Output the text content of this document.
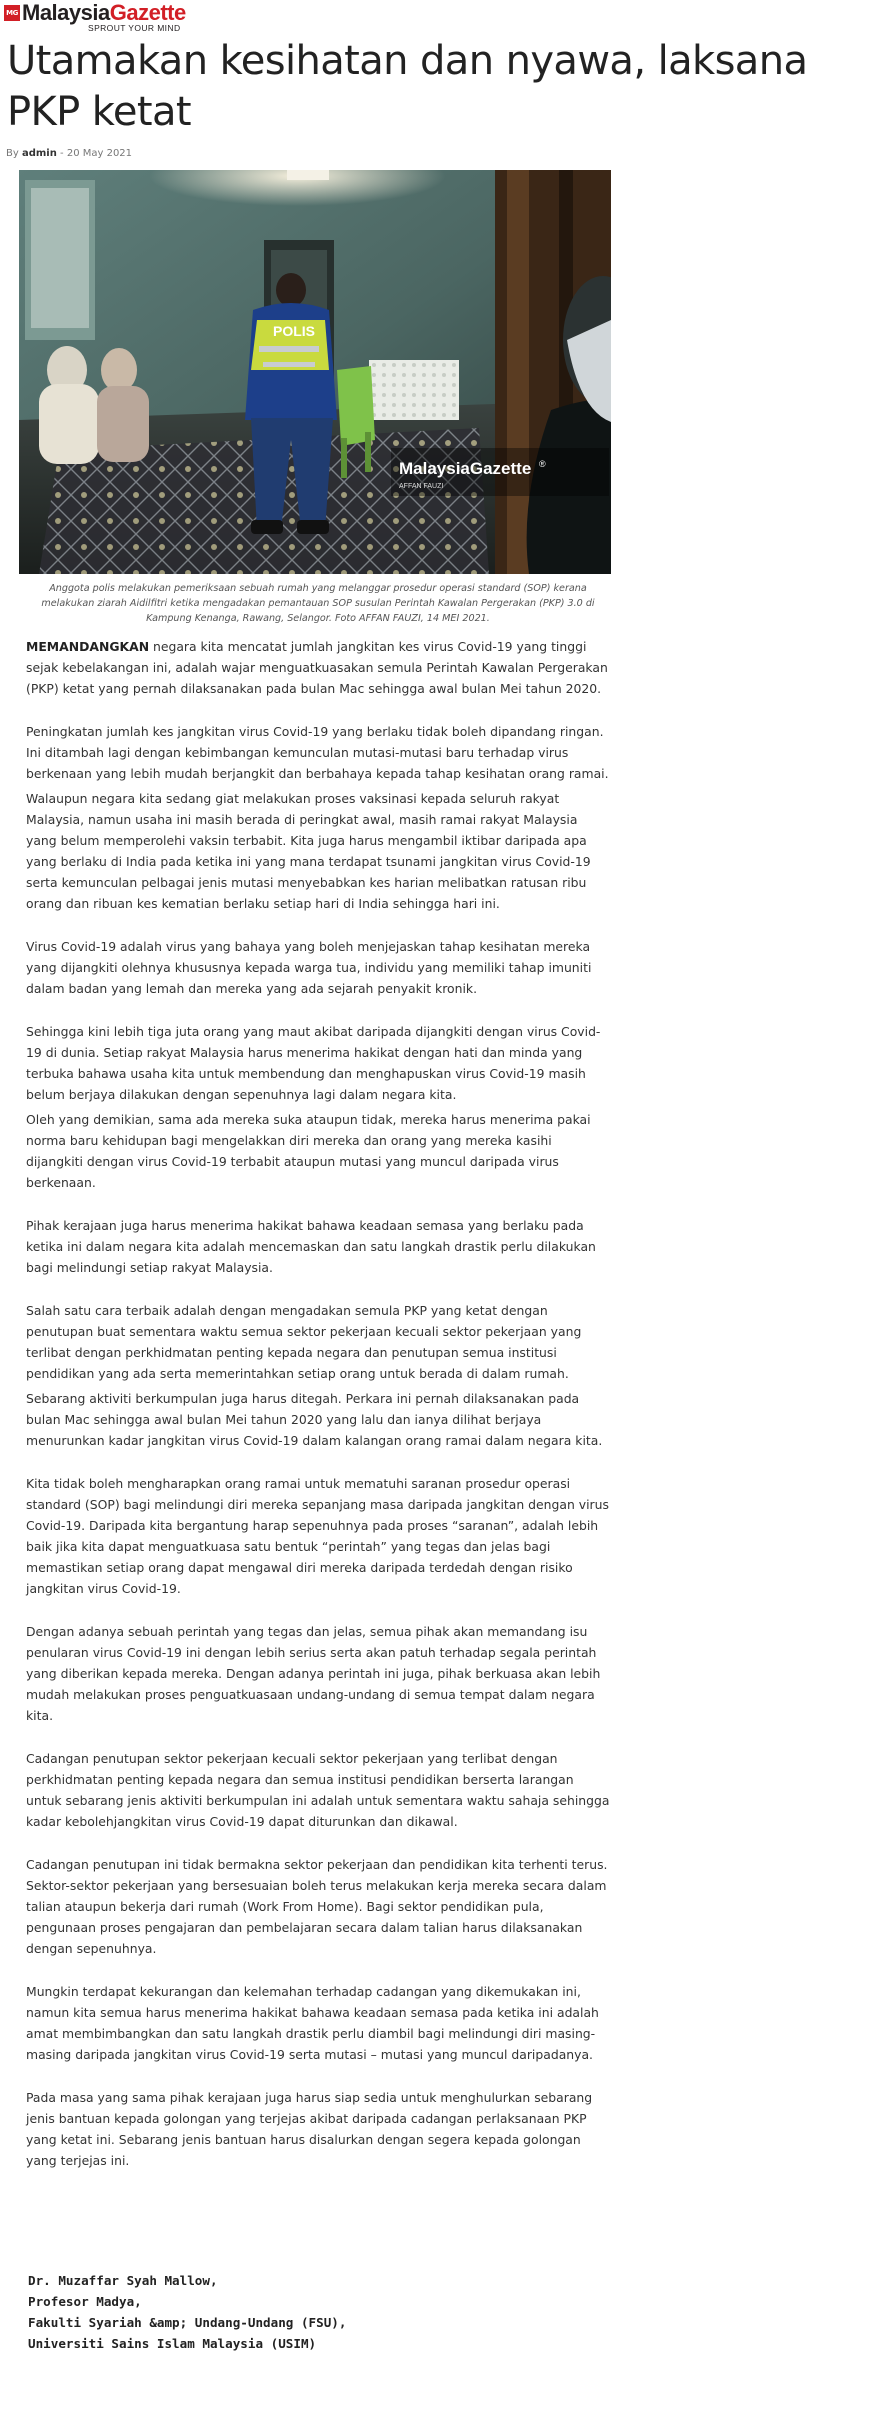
MG MalaysiaGazette
SPROUT YOUR MIND
Utamakan kesihatan dan nyawa, laksana PKP ketat
By admin - 20 May 2021
POLIS
MalaysiaGazette ®
AFFAN FAUZI

Anggota polis melakukan pemeriksaan sebuah rumah yang melanggar prosedur operasi standard (SOP) kerana melakukan ziarah Aidilfitri ketika mengadakan pemantauan SOP susulan Perintah Kawalan Pergerakan (PKP) 3.0 di Kampung Kenanga, Rawang, Selangor. Foto AFFAN FAUZI, 14 MEI 2021.

MEMANDANGKAN negara kita mencatat jumlah jangkitan kes virus Covid-19 yang tinggi sejak kebelakangan ini, adalah wajar menguatkuasakan semula Perintah Kawalan Pergerakan (PKP) ketat yang pernah dilaksanakan pada bulan Mac sehingga awal bulan Mei tahun 2020.

Peningkatan jumlah kes jangkitan virus Covid-19 yang berlaku tidak boleh dipandang ringan. Ini ditambah lagi dengan kebimbangan kemunculan mutasi-mutasi baru terhadap virus berkenaan yang lebih mudah berjangkit dan berbahaya kepada tahap kesihatan orang ramai.

Walaupun negara kita sedang giat melakukan proses vaksinasi kepada seluruh rakyat Malaysia, namun usaha ini masih berada di peringkat awal, masih ramai rakyat Malaysia yang belum memperolehi vaksin terbabit. Kita juga harus mengambil iktibar daripada apa yang berlaku di India pada ketika ini yang mana terdapat tsunami jangkitan virus Covid-19 serta kemunculan pelbagai jenis mutasi menyebabkan kes harian melibatkan ratusan ribu orang dan ribuan kes kematian berlaku setiap hari di India sehingga hari ini.

Virus Covid-19 adalah virus yang bahaya yang boleh menjejaskan tahap kesihatan mereka yang dijangkiti olehnya khususnya kepada warga tua, individu yang memiliki tahap imuniti dalam badan yang lemah dan mereka yang ada sejarah penyakit kronik.

Sehingga kini lebih tiga juta orang yang maut akibat daripada dijangkiti dengan virus Covid-19 di dunia. Setiap rakyat Malaysia harus menerima hakikat dengan hati dan minda yang terbuka bahawa usaha kita untuk membendung dan menghapuskan virus Covid-19 masih belum berjaya dilakukan dengan sepenuhnya lagi dalam negara kita.

Oleh yang demikian, sama ada mereka suka ataupun tidak, mereka harus menerima pakai norma baru kehidupan bagi mengelakkan diri mereka dan orang yang mereka kasihi dijangkiti dengan virus Covid-19 terbabit ataupun mutasi yang muncul daripada virus berkenaan.

Pihak kerajaan juga harus menerima hakikat bahawa keadaan semasa yang berlaku pada ketika ini dalam negara kita adalah mencemaskan dan satu langkah drastik perlu dilakukan bagi melindungi setiap rakyat Malaysia.

Salah satu cara terbaik adalah dengan mengadakan semula PKP yang ketat dengan penutupan buat sementara waktu semua sektor pekerjaan kecuali sektor pekerjaan yang terlibat dengan perkhidmatan penting kepada negara dan penutupan semua institusi pendidikan yang ada serta memerintahkan setiap orang untuk berada di dalam rumah.

Sebarang aktiviti berkumpulan juga harus ditegah. Perkara ini pernah dilaksanakan pada bulan Mac sehingga awal bulan Mei tahun 2020 yang lalu dan ianya dilihat berjaya menurunkan kadar jangkitan virus Covid-19 dalam kalangan orang ramai dalam negara kita.

Kita tidak boleh mengharapkan orang ramai untuk mematuhi saranan prosedur operasi standard (SOP) bagi melindungi diri mereka sepanjang masa daripada jangkitan dengan virus Covid-19. Daripada kita bergantung harap sepenuhnya pada proses “saranan”, adalah lebih baik jika kita dapat menguatkuasa satu bentuk “perintah” yang tegas dan jelas bagi memastikan setiap orang dapat mengawal diri mereka daripada terdedah dengan risiko jangkitan virus Covid-19.

Dengan adanya sebuah perintah yang tegas dan jelas, semua pihak akan memandang isu penularan virus Covid-19 ini dengan lebih serius serta akan patuh terhadap segala perintah yang diberikan kepada mereka. Dengan adanya perintah ini juga, pihak berkuasa akan lebih mudah melakukan proses penguatkuasaan undang-undang di semua tempat dalam negara kita.

Cadangan penutupan sektor pekerjaan kecuali sektor pekerjaan yang terlibat dengan perkhidmatan penting kepada negara dan semua institusi pendidikan berserta larangan untuk sebarang jenis aktiviti berkumpulan ini adalah untuk sementara waktu sahaja sehingga kadar kebolehjangkitan virus Covid-19 dapat diturunkan dan dikawal.

Cadangan penutupan ini tidak bermakna sektor pekerjaan dan pendidikan kita terhenti terus. Sektor-sektor pekerjaan yang bersesuaian boleh terus melakukan kerja mereka secara dalam talian ataupun bekerja dari rumah (Work From Home). Bagi sektor pendidikan pula, pengunaan proses pengajaran dan pembelajaran secara dalam talian harus dilaksanakan dengan sepenuhnya.

Mungkin terdapat kekurangan dan kelemahan terhadap cadangan yang dikemukakan ini, namun kita semua harus menerima hakikat bahawa keadaan semasa pada ketika ini adalah amat membimbangkan dan satu langkah drastik perlu diambil bagi melindungi diri masing-masing daripada jangkitan virus Covid-19 serta mutasi – mutasi yang muncul daripadanya.

Pada masa yang sama pihak kerajaan juga harus siap sedia untuk menghulurkan sebarang jenis bantuan kepada golongan yang terjejas akibat daripada cadangan perlaksanaan PKP yang ketat ini. Sebarang jenis bantuan harus disalurkan dengan segera kepada golongan yang terjejas ini.

Dr. Muzaffar Syah Mallow,
Profesor Madya,
Fakulti Syariah &amp; Undang-Undang (FSU),
Universiti Sains Islam Malaysia (USIM)
